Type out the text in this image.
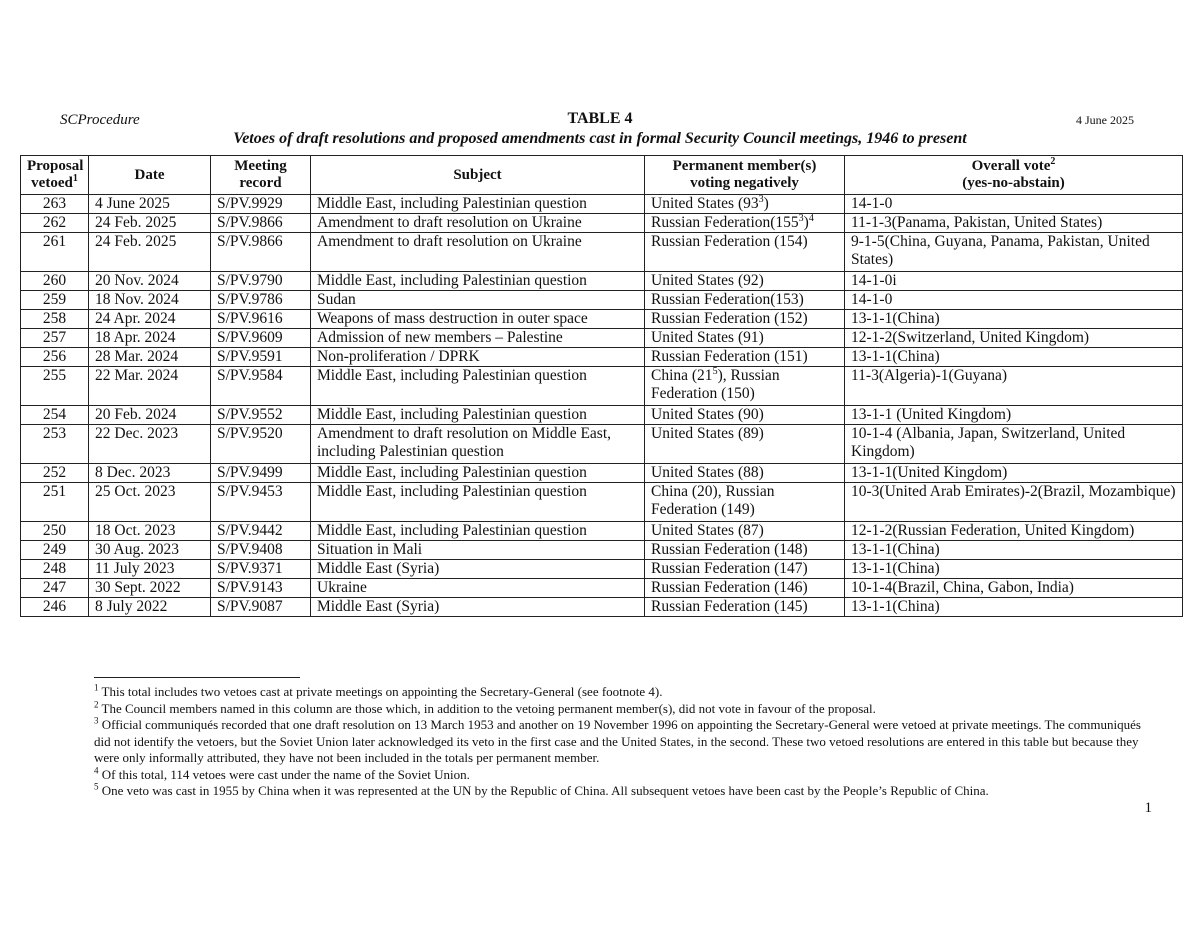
SCProcedure	TABLE 4	4 June 2025
Vetoes of draft resolutions and proposed amendments cast in formal Security Council meetings, 1946 to present
Proposal vetoed$^1$	Date	Meeting record	Subject	Permanent member(s) voting negatively	Overall vote$^2$
(yes-no-abstain)
263	4 June 2025	S/PV.9929	Middle East, including Palestinian question	United States $(93^3)$	14-1-0
262	24 Feb. 2025	S/PV.9866	Amendment to draft resolution on Ukraine	Russian $Federation(155^3)^4$	11-1-3(Panama, Pakistan, United States)
261	24 Feb. 2025	S/PV.9866	Amendment to draft resolution on Ukraine	Russian Federation (154)	9-1-5(China, Guyana, Panama, Pakistan, United States)
260	20 Nov. 2024	S/PV.9790	Middle East, including Palestinian question	United States (92)	14-1-0i
259	18 Nov. 2024	S/PV.9786	Sudan	Russian Federation(153)	14-1-0
258	24 Apr. 2024	S/PV.9616	Weapons of mass destruction in outer space	Russian Federation (152)	13-1-1(China)
257	18 Apr. 2024	S/PV.9609	Admission of new members – Palestine	United States (91)	12-1-2(Switzerland, United Kingdom)
256	28 Mar. 2024	S/PV.9591	Non-proliferation / DPRK	Russian Federation (151)	13-1-1(China)
255	22 Mar. 2024	S/PV.9584	Middle East, including Palestinian question	China $(21^5)$, Russian Federation (150)	11-3(Algeria)-1(Guyana)
254	20 Feb. 2024	S/PV.9552	Middle East, including Palestinian question	United States (90)	13-1-1 (United Kingdom)
253	22 Dec. 2023	S/PV.9520	Amendment to draft resolution on Middle East, including Palestinian question	United States (89)	10-1-4 (Albania, Japan, Switzerland, United Kingdom)
252	8 Dec. 2023	S/PV.9499	Middle East, including Palestinian question	United States (88)	13-1-1(United Kingdom)
251	25 Oct. 2023	S/PV.9453	Middle East, including Palestinian question	China (20), Russian Federation (149)	10-3(United Arab Emirates)-2(Brazil, Mozambique)
250	18 Oct. 2023	S/PV.9442	Middle East, including Palestinian question	United States (87)	12-1-2(Russian Federation, United Kingdom)
249	30 Aug. 2023	S/PV.9408	Situation in Mali	Russian Federation (148)	13-1-1(China)
248	11 July 2023	S/PV.9371	Middle East (Syria)	Russian Federation (147)	13-1-1(China)
247	30 Sept. 2022	S/PV.9143	Ukraine	Russian Federation (146)	10-1-4(Brazil, China, Gabon, India)
246	8 July 2022	S/PV.9087	Middle East (Syria)	Russian Federation (145)	13-1-1(China)

$^1$ This total includes two vetoes cast at private meetings on appointing the Secretary-General (see footnote 4).

$^2$ The Council members named in this column are those which, in addition to the vetoing permanent member(s), did not vote in favour of the proposal.

$^3$ Official communiqués recorded that one draft resolution on 13 March 1953 and another on 19 November 1996 on appointing the Secretary-General were vetoed at private meetings. The communiqués did not identify the vetoers, but the Soviet Union later acknowledged its veto in the first case and the United States, in the second. These two vetoed resolutions are entered in this table but because they were only informally attributed, they have not been included in the totals per permanent member.

$^4$ Of this total, 114 vetoes were cast under the name of the Soviet Union.

$^5$ One veto was cast in 1955 by China when it was represented at the UN by the Republic of China. All subsequent vetoes have been cast by the People’s Republic of China.

1
